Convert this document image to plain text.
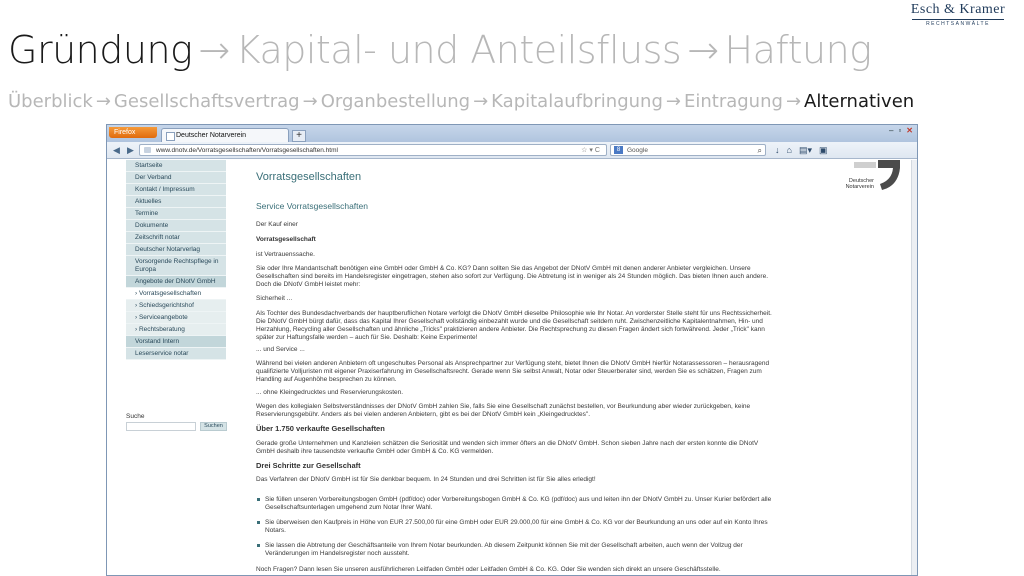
Esch & Kramer
RECHTSANWÄLTE
Gründung → Kapital- und Anteilsfluss → Haftung
Überblick → Gesellschaftsvertrag → Organbestellung → Kapitalaufbringung → Eintragung → Alternativen
Firefox	Deutscher Notarverein	+	– ▫ ✕
◀ ▶	www.dnotv.de/Vorratsgesellschaften/Vorratsgesellschaften.html	☆▾C
8	Google	⌕ ↓ ⌂ ▤▾ ▣
Startseite
Der Verband
Kontakt / Impressum
Aktuelles
Termine
Dokumente
Zeitschrift notar
Deutscher Notarverlag
Vorsorgende Rechtspflege in Europa
Angebote der DNotV GmbH
› Vorratsgesellschaften
› Schiedsgerichtshof
› Serviceangebote
› Rechtsberatung
Vorstand Intern
Leserservice notar
Suche
Suchen
Vorratsgesellschaften
Service Vorratsgesellschaften
Der Kauf einer
Vorratsgesellschaft
ist Vertrauenssache.
Sie oder Ihre Mandantschaft benötigen eine GmbH oder GmbH & Co. KG? Dann sollten Sie das Angebot der DNotV GmbH mit denen anderer Anbieter vergleichen. Unsere Gesellschaften sind bereits im Handelsregister eingetragen, stehen also sofort zur Verfügung. Die Abtretung ist in weniger als 24 Stunden möglich. Das bieten Ihnen auch andere. Doch die DNotV GmbH leistet mehr:
Sicherheit ...
Als Tochter des Bundesdachverbands der hauptberuflichen Notare verfolgt die DNotV GmbH dieselbe Philosophie wie Ihr Notar. An vorderster Stelle steht für uns Rechtssicherheit. Die DNotV GmbH bürgt dafür, dass das Kapital Ihrer Gesellschaft vollständig einbezahlt wurde und die Gesellschaft seitdem ruht. Zwischenzeitliche Kapitalentnahmen, Hin- und Herzahlung, Recycling aller Gesellschaften und ähnliche „Tricks" praktizieren andere Anbieter. Die Rechtsprechung zu diesen Fragen ändert sich fortwährend. Jeder „Trick" kann später zur Haftungsfalle werden – auch für Sie. Deshalb: Keine Experimente!
... und Service ...
Während bei vielen anderen Anbietern oft ungeschultes Personal als Ansprechpartner zur Verfügung steht, bietet Ihnen die DNotV GmbH hierfür Notarassessoren – herausragend qualifizierte Volljuristen mit eigener Praxiserfahrung im Gesellschaftsrecht. Gerade wenn Sie selbst Anwalt, Notar oder Steuerberater sind, werden Sie es schätzen, Fragen zum Handling auf Augenhöhe besprechen zu können.
... ohne Kleingedrucktes und Reservierungskosten.
Wegen des kollegialen Selbstverständnisses der DNotV GmbH zahlen Sie, falls Sie eine Gesellschaft zunächst bestellen, vor Beurkundung aber wieder zurückgeben, keine Reservierungsgebühr. Anders als bei vielen anderen Anbietern, gibt es bei der DNotV GmbH kein „Kleingedrucktes".
Über 1.750 verkaufte Gesellschaften
Gerade große Unternehmen und Kanzleien schätzen die Seriosität und wenden sich immer öfters an die DNotV GmbH. Schon sieben Jahre nach der ersten konnte die DNotV GmbH deshalb ihre tausendste verkaufte GmbH oder GmbH & Co. KG vermelden.
Drei Schritte zur Gesellschaft
Das Verfahren der DNotV GmbH ist für Sie denkbar bequem. In 24 Stunden und drei Schritten ist für Sie alles erledigt!
Sie füllen unseren Vorbereitungsbogen GmbH (pdf/doc) oder Vorbereitungsbogen GmbH & Co. KG (pdf/doc) aus und leiten ihn der DNotV GmbH zu. Unser Kurier befördert alle Gesellschaftsunterlagen umgehend zum Notar Ihrer Wahl.
Sie überweisen den Kaufpreis in Höhe von EUR 27.500,00 für eine GmbH oder EUR 29.000,00 für eine GmbH & Co. KG vor der Beurkundung an uns oder auf ein Konto Ihres Notars.
Sie lassen die Abtretung der Geschäftsanteile von Ihrem Notar beurkunden. Ab diesem Zeitpunkt können Sie mit der Gesellschaft arbeiten, auch wenn der Vollzug der Veränderungen im Handelsregister noch aussteht.
Noch Fragen? Dann lesen Sie unseren ausführlicheren Leitfaden GmbH oder Leitfaden GmbH & Co. KG. Oder Sie wenden sich direkt an unsere Geschäftsstelle.
Deutscher Notarverein
